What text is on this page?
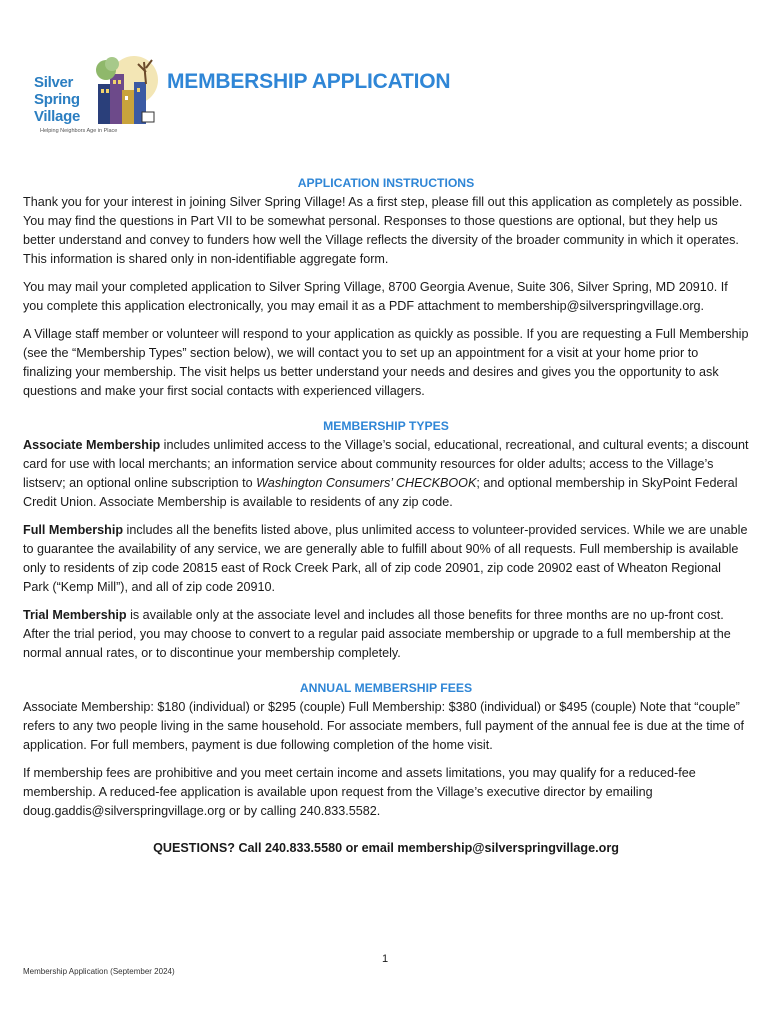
Silver
Spring
Village
Helping Neighbors Age in Place
MEMBERSHIP APPLICATION
APPLICATION INSTRUCTIONS

Thank you for your interest in joining Silver Spring Village! As a first step, please fill out this application as completely as possible. You may find the questions in Part VII to be somewhat personal. Responses to those questions are optional, but they help us better understand and convey to funders how well the Village reflects the diversity of the broader community in which it operates. This information is shared only in non-identifiable aggregate form.

You may mail your completed application to Silver Spring Village, 8700 Georgia Avenue, Suite 306, Silver Spring, MD 20910. If you complete this application electronically, you may email it as a PDF attachment to membership@silverspringvillage.org.

A Village staff member or volunteer will respond to your application as quickly as possible. If you are requesting a Full Membership (see the “Membership Types” section below), we will contact you to set up an appointment for a visit at your home prior to finalizing your membership. The visit helps us better understand your needs and desires and gives you the opportunity to ask questions and make your first social contacts with experienced villagers.

MEMBERSHIP TYPES

Associate Membership includes unlimited access to the Village’s social, educational, recreational, and cultural events; a discount card for use with local merchants; an information service about community resources for older adults; access to the Village’s listserv; an optional online subscription to Washington Consumers’ CHECKBOOK; and optional membership in SkyPoint Federal Credit Union. Associate Membership is available to residents of any zip code.

Full Membership includes all the benefits listed above, plus unlimited access to volunteer-provided services. While we are unable to guarantee the availability of any service, we are generally able to fulfill about 90% of all requests. Full membership is available only to residents of zip code 20815 east of Rock Creek Park, all of zip code 20901, zip code 20902 east of Wheaton Regional Park (“Kemp Mill”), and all of zip code 20910.

Trial Membership is available only at the associate level and includes all those benefits for three months are no up-front cost. After the trial period, you may choose to convert to a regular paid associate membership or upgrade to a full membership at the normal annual rates, or to discontinue your membership completely.

ANNUAL MEMBERSHIP FEES

Associate Membership: $180 (individual) or $295 (couple) Full Membership: $380 (individual) or $495 (couple) Note that “couple” refers to any two people living in the same household. For associate members, full payment of the annual fee is due at the time of application. For full members, payment is due following completion of the home visit.

If membership fees are prohibitive and you meet certain income and assets limitations, you may qualify for a reduced-fee membership. A reduced-fee application is available upon request from the Village’s executive director by emailing doug.gaddis@silverspringvillage.org or by calling 240.833.5582.

QUESTIONS? Call 240.833.5580 or email membership@silverspringvillage.org
1
Membership Application (September 2024)
